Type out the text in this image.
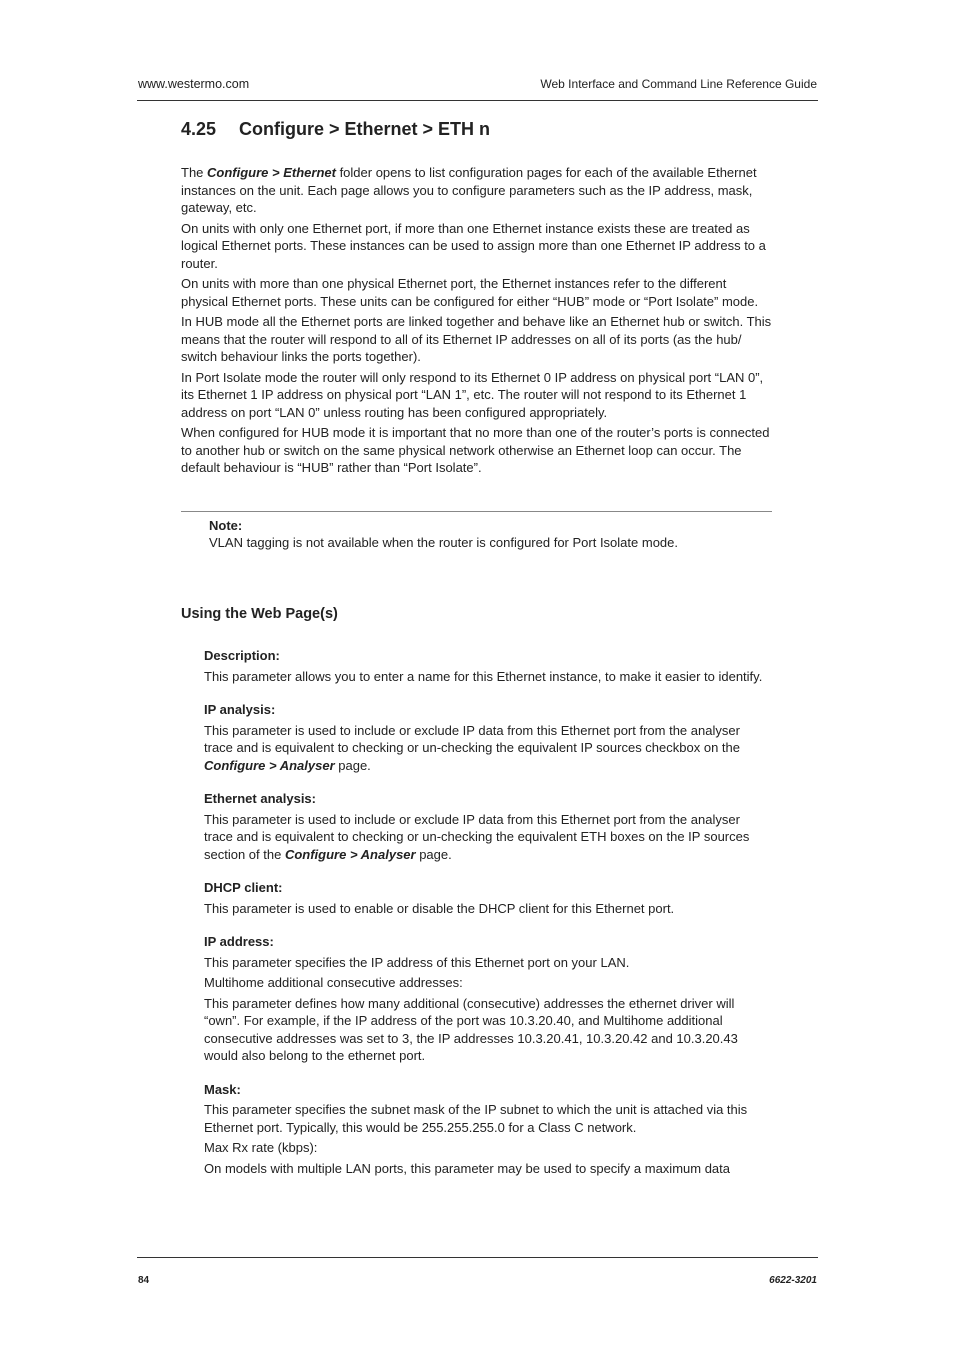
www.westermo.com	Web Interface and Command Line Reference Guide
4.25 Configure > Ethernet > ETH n

The Configure > Ethernet folder opens to list configuration pages for each of the available Ethernet instances on the unit. Each page allows you to configure parameters such as the IP address, mask, gateway, etc.

On units with only one Ethernet port, if more than one Ethernet instance exists these are treated as logical Ethernet ports. These instances can be used to assign more than one Ethernet IP address to a router.

On units with more than one physical Ethernet port, the Ethernet instances refer to the different physical Ethernet ports. These units can be configured for either “HUB” mode or “Port Isolate” mode.

In HUB mode all the Ethernet ports are linked together and behave like an Ethernet hub or switch. This means that the router will respond to all of its Ethernet IP addresses on all of its ports (as the hub/ switch behaviour links the ports together).

In Port Isolate mode the router will only respond to its Ethernet 0 IP address on physical port “LAN 0”, its Ethernet 1 IP address on physical port “LAN 1”, etc. The router will not respond to its Ethernet 1 address on port “LAN 0” unless routing has been configured appropriately.

When configured for HUB mode it is important that no more than one of the router’s ports is connected to another hub or switch on the same physical network otherwise an Ethernet loop can occur. The default behaviour is “HUB” rather than “Port Isolate”.

Note:
VLAN tagging is not available when the router is configured for Port Isolate mode.
Using the Web Page(s)
Description:

This parameter allows you to enter a name for this Ethernet instance, to make it easier to identify.

IP analysis:

This parameter is used to include or exclude IP data from this Ethernet port from the analyser trace and is equivalent to checking or un-checking the equivalent IP sources checkbox on the Configure > Analyser page.

Ethernet analysis:

This parameter is used to include or exclude IP data from this Ethernet port from the analyser trace and is equivalent to checking or un-checking the equivalent ETH boxes on the IP sources section of the Configure > Analyser page.

DHCP client:

This parameter is used to enable or disable the DHCP client for this Ethernet port.

IP address:

This parameter specifies the IP address of this Ethernet port on your LAN.

Multihome additional consecutive addresses:

This parameter defines how many additional (consecutive) addresses the ethernet driver will “own”. For example, if the IP address of the port was 10.3.20.40, and Multihome additional consecutive addresses was set to 3, the IP addresses 10.3.20.41, 10.3.20.42 and 10.3.20.43 would also belong to the ethernet port.

Mask:

This parameter specifies the subnet mask of the IP subnet to which the unit is attached via this Ethernet port. Typically, this would be 255.255.255.0 for a Class C network.

Max Rx rate (kbps):

On models with multiple LAN ports, this parameter may be used to specify a maximum data

84	6622-3201
